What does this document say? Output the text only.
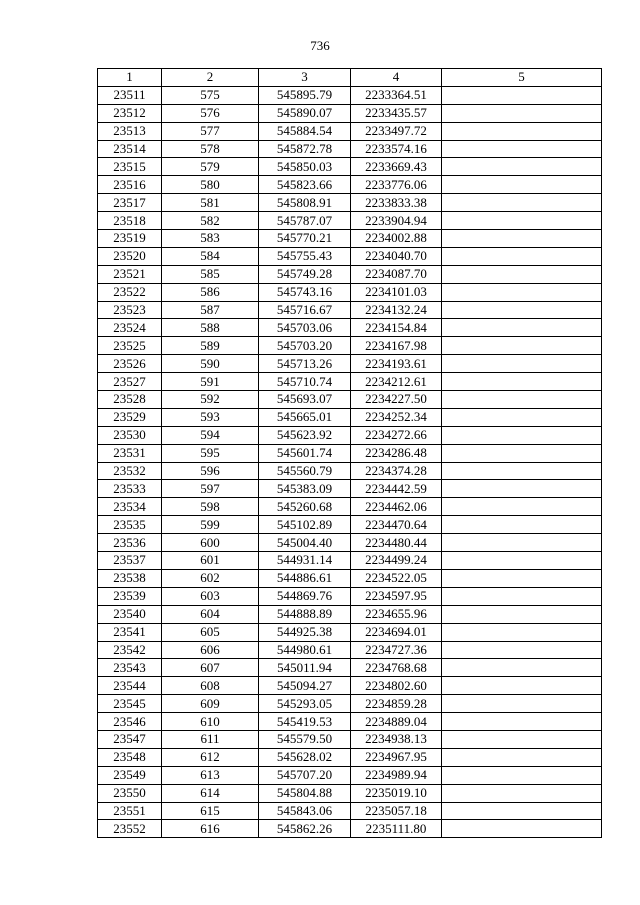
736
1	2	3	4	5
23511	575	545895.79	2233364.51	
23512	576	545890.07	2233435.57	
23513	577	545884.54	2233497.72	
23514	578	545872.78	2233574.16	
23515	579	545850.03	2233669.43	
23516	580	545823.66	2233776.06	
23517	581	545808.91	2233833.38	
23518	582	545787.07	2233904.94	
23519	583	545770.21	2234002.88	
23520	584	545755.43	2234040.70	
23521	585	545749.28	2234087.70	
23522	586	545743.16	2234101.03	
23523	587	545716.67	2234132.24	
23524	588	545703.06	2234154.84	
23525	589	545703.20	2234167.98	
23526	590	545713.26	2234193.61	
23527	591	545710.74	2234212.61	
23528	592	545693.07	2234227.50	
23529	593	545665.01	2234252.34	
23530	594	545623.92	2234272.66	
23531	595	545601.74	2234286.48	
23532	596	545560.79	2234374.28	
23533	597	545383.09	2234442.59	
23534	598	545260.68	2234462.06	
23535	599	545102.89	2234470.64	
23536	600	545004.40	2234480.44	
23537	601	544931.14	2234499.24	
23538	602	544886.61	2234522.05	
23539	603	544869.76	2234597.95	
23540	604	544888.89	2234655.96	
23541	605	544925.38	2234694.01	
23542	606	544980.61	2234727.36	
23543	607	545011.94	2234768.68	
23544	608	545094.27	2234802.60	
23545	609	545293.05	2234859.28	
23546	610	545419.53	2234889.04	
23547	611	545579.50	2234938.13	
23548	612	545628.02	2234967.95	
23549	613	545707.20	2234989.94	
23550	614	545804.88	2235019.10	
23551	615	545843.06	2235057.18	
23552	616	545862.26	2235111.80	
